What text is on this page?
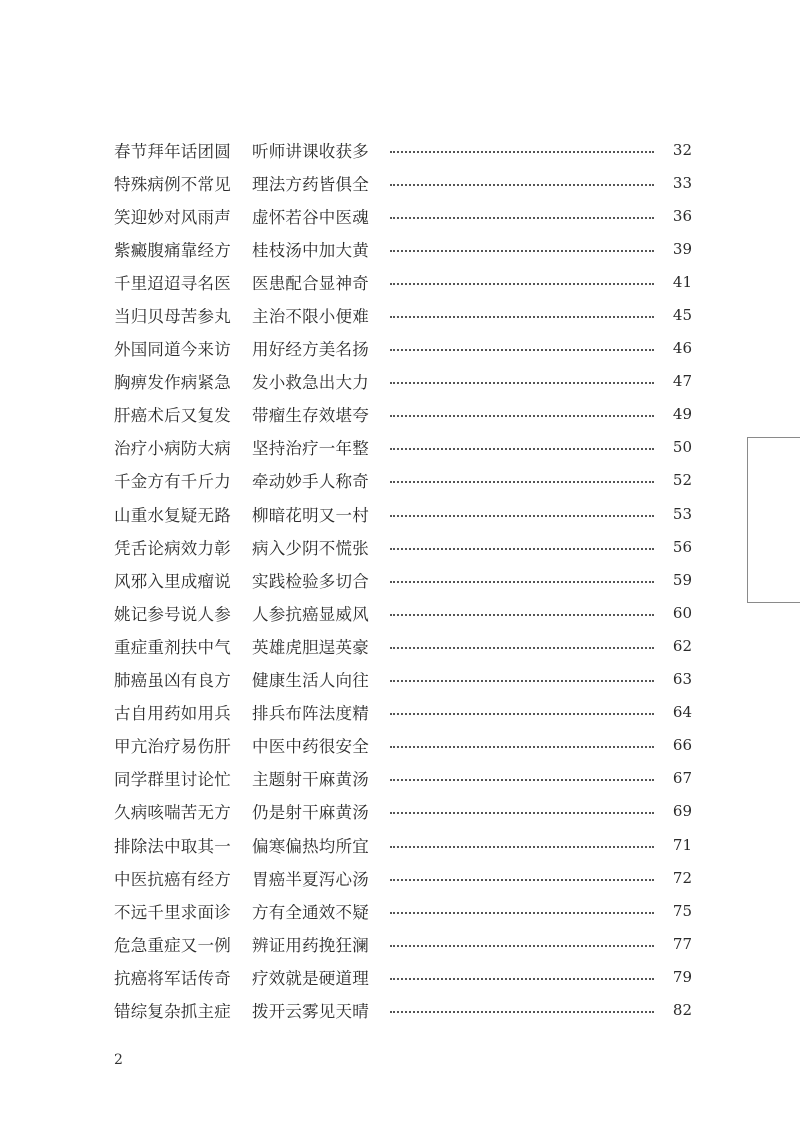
春节拜年话团圆	听师讲课收获多	32
特殊病例不常见	理法方药皆俱全	33
笑迎妙对风雨声	虚怀若谷中医魂	36
紫癜腹痛靠经方	桂枝汤中加大黄	39
千里迢迢寻名医	医患配合显神奇	41
当归贝母苦参丸	主治不限小便难	45
外国同道今来访	用好经方美名扬	46
胸痹发作病紧急	发小救急出大力	47
肝癌术后又复发	带瘤生存效堪夸	49
治疗小病防大病	坚持治疗一年整	50
千金方有千斤力	牵动妙手人称奇	52
山重水复疑无路	柳暗花明又一村	53
凭舌论病效力彰	病入少阴不慌张	56
风邪入里成瘤说	实践检验多切合	59
姚记参号说人参	人参抗癌显威风	60
重症重剂扶中气	英雄虎胆逞英豪	62
肺癌虽凶有良方	健康生活人向往	63
古自用药如用兵	排兵布阵法度精	64
甲亢治疗易伤肝	中医中药很安全	66
同学群里讨论忙	主题射干麻黄汤	67
久病咳喘苦无方	仍是射干麻黄汤	69
排除法中取其一	偏寒偏热均所宜	71
中医抗癌有经方	胃癌半夏泻心汤	72
不远千里求面诊	方有全通效不疑	75
危急重症又一例	辨证用药挽狂澜	77
抗癌将军话传奇	疗效就是硬道理	79
错综复杂抓主症	拨开云雾见天晴	82
2
